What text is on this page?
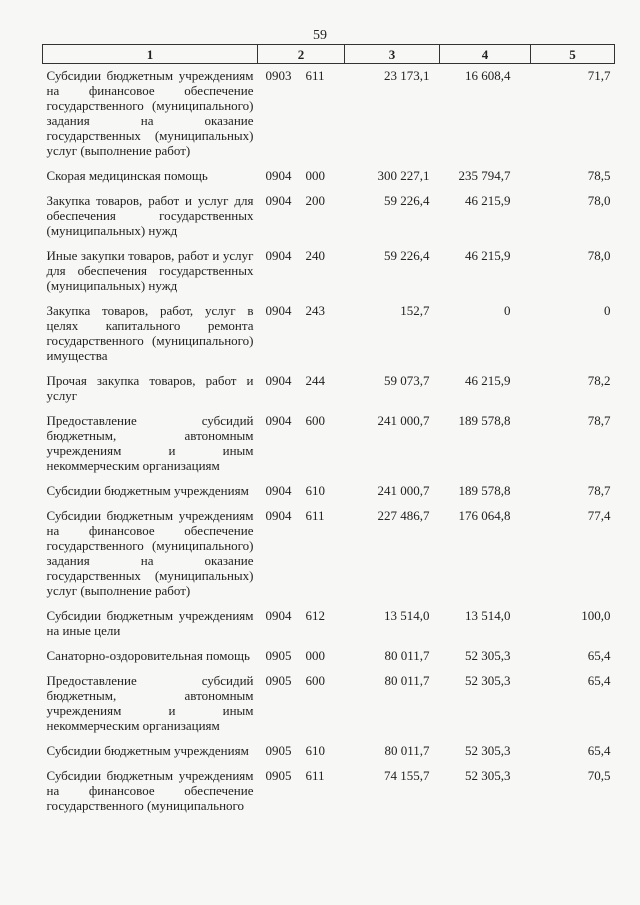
59
1	2	3	4	5
Субсидии бюджетным учреждениям на финансовое обеспечение государственного (муниципального) задания на оказание государственных (муниципальных) услуг (выполнение работ)	0903 611	23 173,1	16 608,4	71,7
Скорая медицинская помощь	0904 000	300 227,1	235 794,7	78,5
Закупка товаров, работ и услуг для обеспечения государственных (муниципальных) нужд	0904 200	59 226,4	46 215,9	78,0
Иные закупки товаров, работ и услуг для обеспечения государственных (муниципальных) нужд	0904 240	59 226,4	46 215,9	78,0
Закупка товаров, работ, услуг в целях капитального ремонта государственного (муниципального) имущества	0904 243	152,7	0	0
Прочая закупка товаров, работ и услуг	0904 244	59 073,7	46 215,9	78,2
Предоставление субсидий бюджетным, автономным учреждениям и иным некоммерческим организациям	0904 600	241 000,7	189 578,8	78,7
Субсидии бюджетным учреждениям	0904 610	241 000,7	189 578,8	78,7
Субсидии бюджетным учреждениям на финансовое обеспечение государственного (муниципального) задания на оказание государственных (муниципальных) услуг (выполнение работ)	0904 611	227 486,7	176 064,8	77,4
Субсидии бюджетным учреждениям на иные цели	0904 612	13 514,0	13 514,0	100,0
Санаторно-оздоровительная помощь	0905 000	80 011,7	52 305,3	65,4
Предоставление субсидий бюджетным, автономным учреждениям и иным некоммерческим организациям	0905 600	80 011,7	52 305,3	65,4
Субсидии бюджетным учреждениям	0905 610	80 011,7	52 305,3	65,4
Субсидии бюджетным учреждениям на финансовое обеспечение государственного (муниципального	0905 611	74 155,7	52 305,3	70,5
